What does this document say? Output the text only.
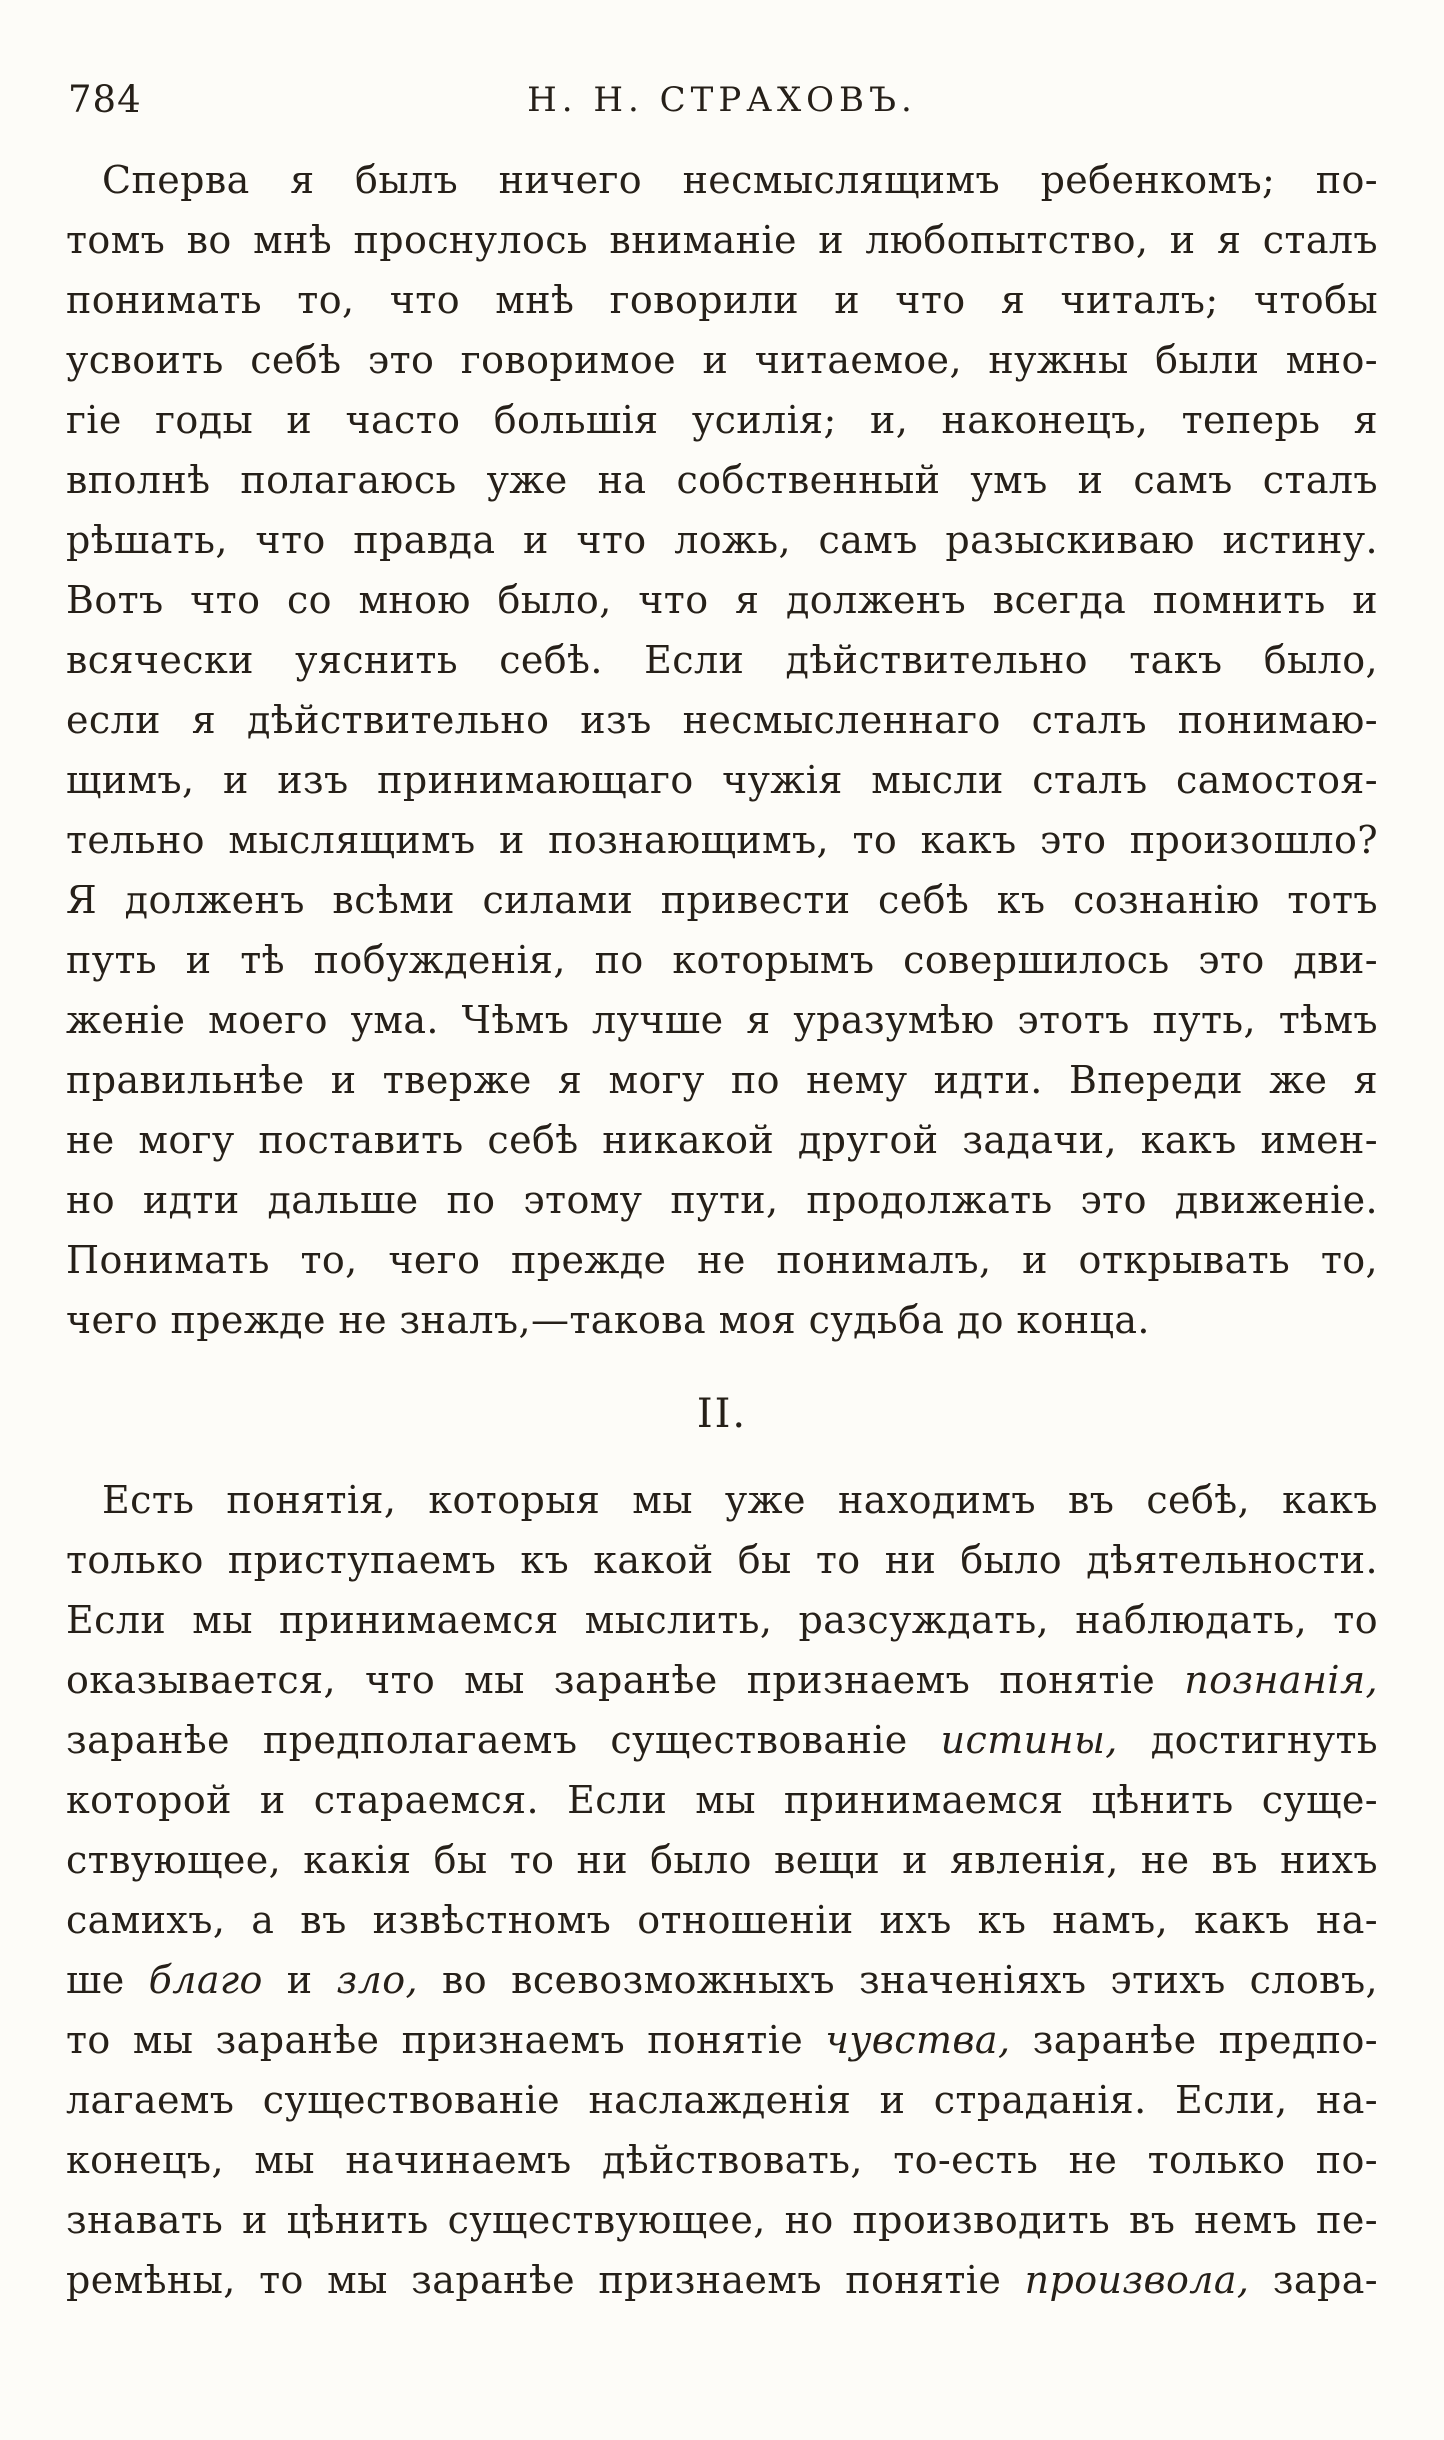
784	Н. Н. СТРАХОВЪ.
Сперва я былъ ничего несмыслящимъ ребенкомъ; по-
томъ во мнѣ проснулось вниманіе и любопытство, и я сталъ
понимать то, что мнѣ говорили и что я читалъ; чтобы
усвоить себѣ это говоримое и читаемое, нужны были мно-
гіе годы и часто большія усилія; и, наконецъ, теперь я
вполнѣ полагаюсь уже на собственный умъ и самъ сталъ
рѣшать, что правда и что ложь, самъ разыскиваю истину.
Вотъ что со мною было, что я долженъ всегда помнить и
всячески уяснить себѣ. Если дѣйствительно такъ было,
если я дѣйствительно изъ несмысленнаго сталъ понимаю-
щимъ, и изъ принимающаго чужія мысли сталъ самостоя-
тельно мыслящимъ и познающимъ, то какъ это произошло?
Я долженъ всѣми силами привести себѣ къ сознанію тотъ
путь и тѣ побужденія, по которымъ совершилось это дви-
женіе моего ума. Чѣмъ лучше я уразумѣю этотъ путь, тѣмъ
правильнѣе и тверже я могу по нему идти. Впереди же я
не могу поставить себѣ никакой другой задачи, какъ имен-
но идти дальше по этому пути, продолжать это движеніе.
Понимать то, чего прежде не понималъ, и открывать то,
чего прежде не зналъ,—такова моя судьба до конца.
II.
Есть понятія, которыя мы уже находимъ въ себѣ, какъ
только приступаемъ къ какой бы то ни было дѣятельности.
Если мы принимаемся мыслить, разсуждать, наблюдать, то
оказывается, что мы заранѣе признаемъ понятіе познанія,
заранѣе предполагаемъ существованіе истины, достигнуть
которой и стараемся. Если мы принимаемся цѣнить суще-
ствующее, какія бы то ни было вещи и явленія, не въ нихъ
самихъ, а въ извѣстномъ отношеніи ихъ къ намъ, какъ на-
ше благо и зло, во всевозможныхъ значеніяхъ этихъ словъ,
то мы заранѣе признаемъ понятіе чувства, заранѣе предпо-
лагаемъ существованіе наслажденія и страданія. Если, на-
конецъ, мы начинаемъ дѣйствовать, то-есть не только по-
знавать и цѣнить существующее, но производить въ немъ пе-
ремѣны, то мы заранѣе признаемъ понятіе произвола, зара-
